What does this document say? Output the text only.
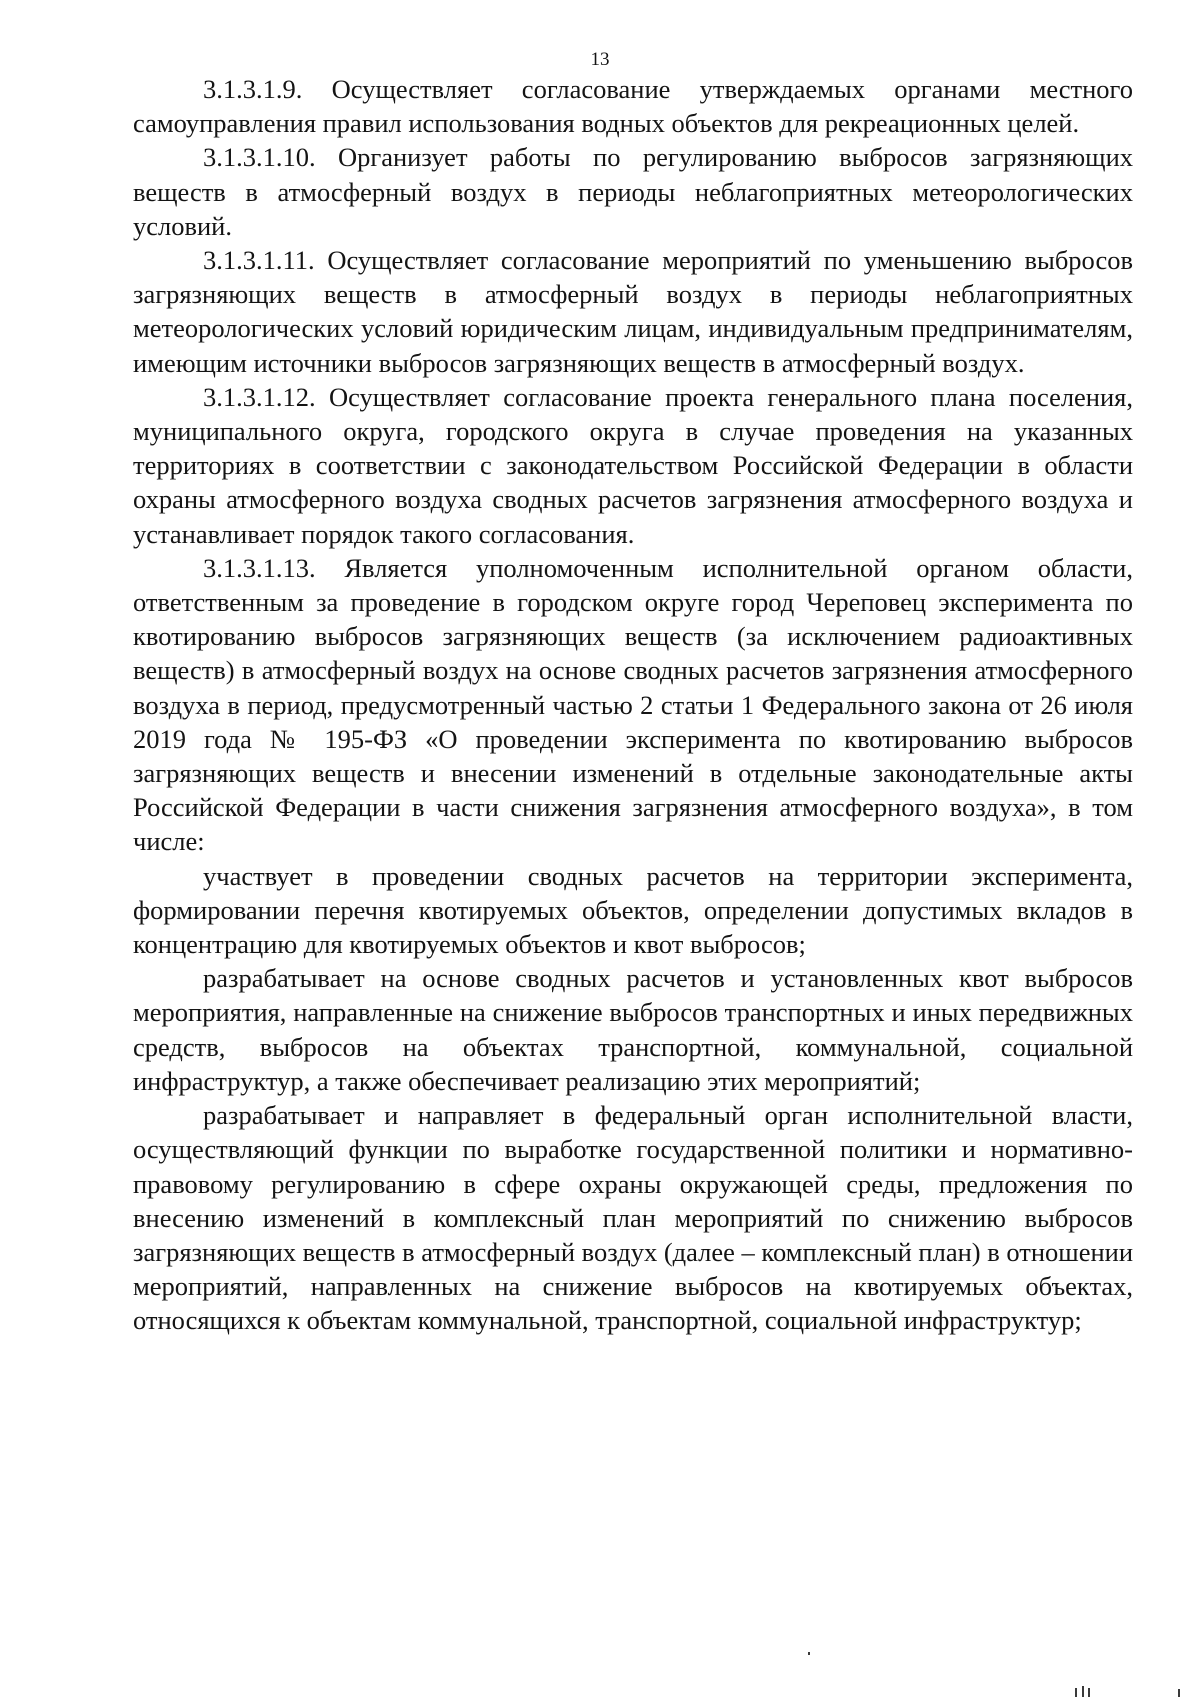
13

3.1.3.1.9. Осуществляет согласование утверждаемых органами местного самоуправления правил использования водных объектов для рекреационных целей.

3.1.3.1.10. Организует работы по регулированию выбросов загрязняющих веществ в атмосферный воздух в периоды неблагоприятных метеорологических условий.

3.1.3.1.11. Осуществляет согласование мероприятий по уменьшению выбросов загрязняющих веществ в атмосферный воздух в периоды неблагоприятных метеорологических условий юридическим лицам, индивидуальным предпринимателям, имеющим источники выбросов загрязняющих веществ в атмосферный воздух.

3.1.3.1.12. Осуществляет согласование проекта генерального плана поселения, муниципального округа, городского округа в случае проведения на указанных территориях в соответствии с законодательством Российской Федерации в области охраны атмосферного воздуха сводных расчетов загрязнения атмосферного воздуха и устанавливает порядок такого согласования.

3.1.3.1.13. Является уполномоченным исполнительной органом области, ответственным за проведение в городском округе город Череповец эксперимента по квотированию выбросов загрязняющих веществ (за исключением радиоактивных веществ) в атмосферный воздух на основе сводных расчетов загрязнения атмосферного воздуха в период, предусмотренный частью 2 статьи 1 Федерального закона от 26 июля 2019 года № 195-ФЗ «О проведении эксперимента по квотированию выбросов загрязняющих веществ и внесении изменений в отдельные законодательные акты Российской Федерации в части снижения загрязнения атмосферного воздуха», в том числе:

участвует в проведении сводных расчетов на территории эксперимента, формировании перечня квотируемых объектов, определении допустимых вкладов в концентрацию для квотируемых объектов и квот выбросов;

разрабатывает на основе сводных расчетов и установленных квот выбросов мероприятия, направленные на снижение выбросов транспортных и иных передвижных средств, выбросов на объектах транспортной, коммунальной, социальной инфраструктур, а также обеспечивает реализацию этих мероприятий;

разрабатывает и направляет в федеральный орган исполнительной власти, осуществляющий функции по выработке государственной политики и нормативно-правовому регулированию в сфере охраны окружающей среды, предложения по внесению изменений в комплексный план мероприятий по снижению выбросов загрязняющих веществ в атмосферный воздух (далее – комплексный план) в отношении мероприятий, направленных на снижение выбросов на квотируемых объектах, относящихся к объектам коммунальной, транспортной, социальной инфраструктур;
